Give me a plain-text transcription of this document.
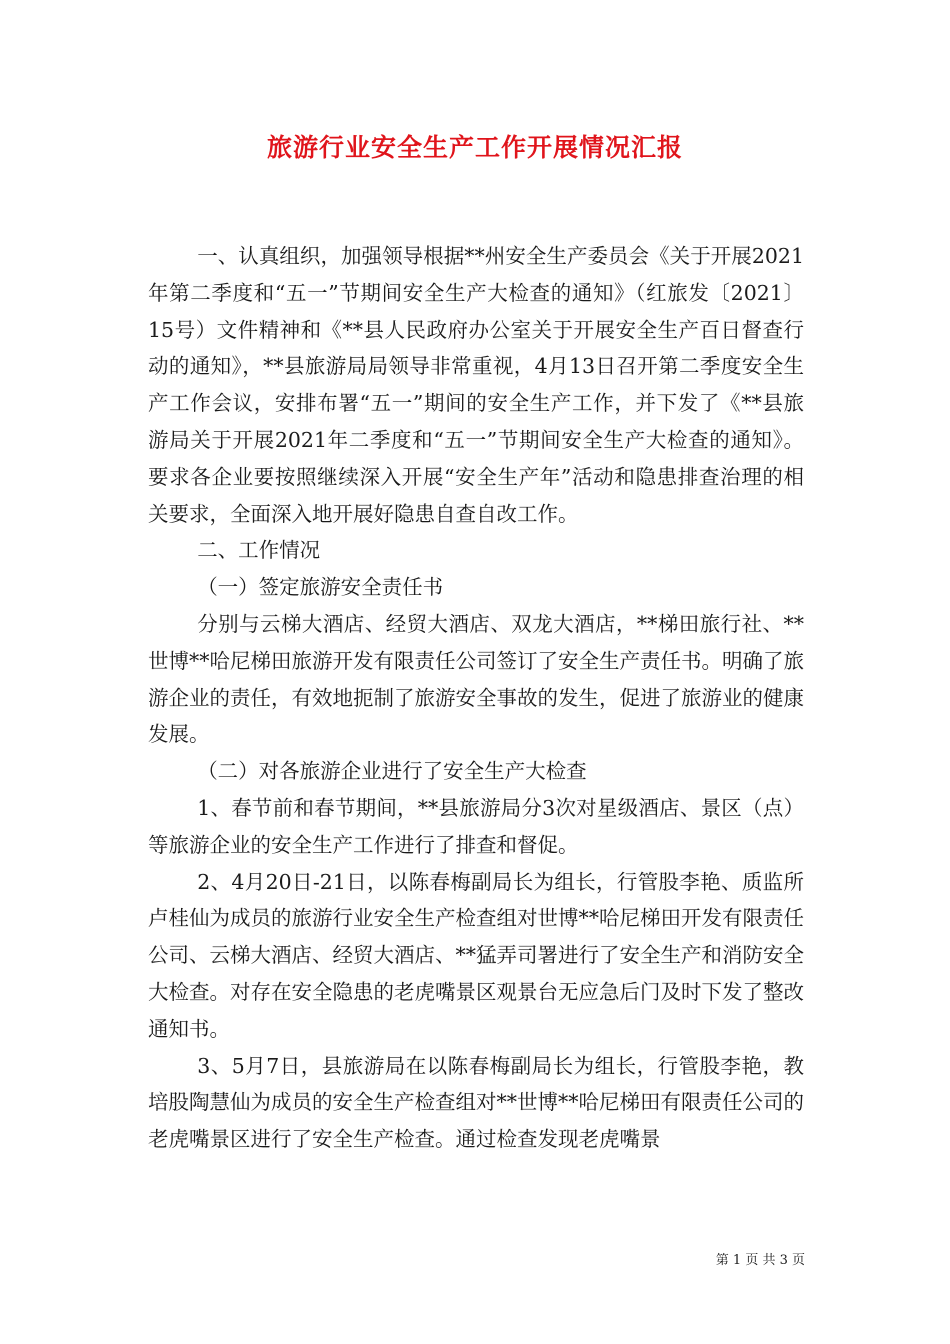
旅游行业安全生产工作开展情况汇报

一、认真组织，加强领导根据**州安全生产委员会《关于开展2021年第二季度和“五一”节期间安全生产大检查的通知》（红旅发〔2021〕15号）文件精神和《**县人民政府办公室关于开展安全生产百日督查行动的通知》，**县旅游局局领导非常重视，4月13日召开第二季度安全生产工作会议，安排布署“五一”期间的安全生产工作，并下发了《**县旅游局关于开展2021年二季度和“五一”节期间安全生产大检查的通知》。要求各企业要按照继续深入开展“安全生产年”活动和隐患排查治理的相关要求，全面深入地开展好隐患自查自改工作。

二、工作情况

（一）签定旅游安全责任书

分别与云梯大酒店、经贸大酒店、双龙大酒店，**梯田旅行社、**世博**哈尼梯田旅游开发有限责任公司签订了安全生产责任书。明确了旅游企业的责任，有效地扼制了旅游安全事故的发生，促进了旅游业的健康发展。

（二）对各旅游企业进行了安全生产大检查

1、春节前和春节期间，**县旅游局分3次对星级酒店、景区（点）等旅游企业的安全生产工作进行了排查和督促。

2、4月20日-21日，以陈春梅副局长为组长，行管股李艳、质监所卢桂仙为成员的旅游行业安全生产检查组对世博**哈尼梯田开发有限责任公司、云梯大酒店、经贸大酒店、**猛弄司署进行了安全生产和消防安全大检查。对存在安全隐患的老虎嘴景区观景台无应急后门及时下发了整改通知书。

3、5月7日，县旅游局在以陈春梅副局长为组长，行管股李艳，教培股陶慧仙为成员的安全生产检查组对**世博**哈尼梯田有限责任公司的老虎嘴景区进行了安全生产检查。通过检查发现老虎嘴景

第 1 页 共 3 页
